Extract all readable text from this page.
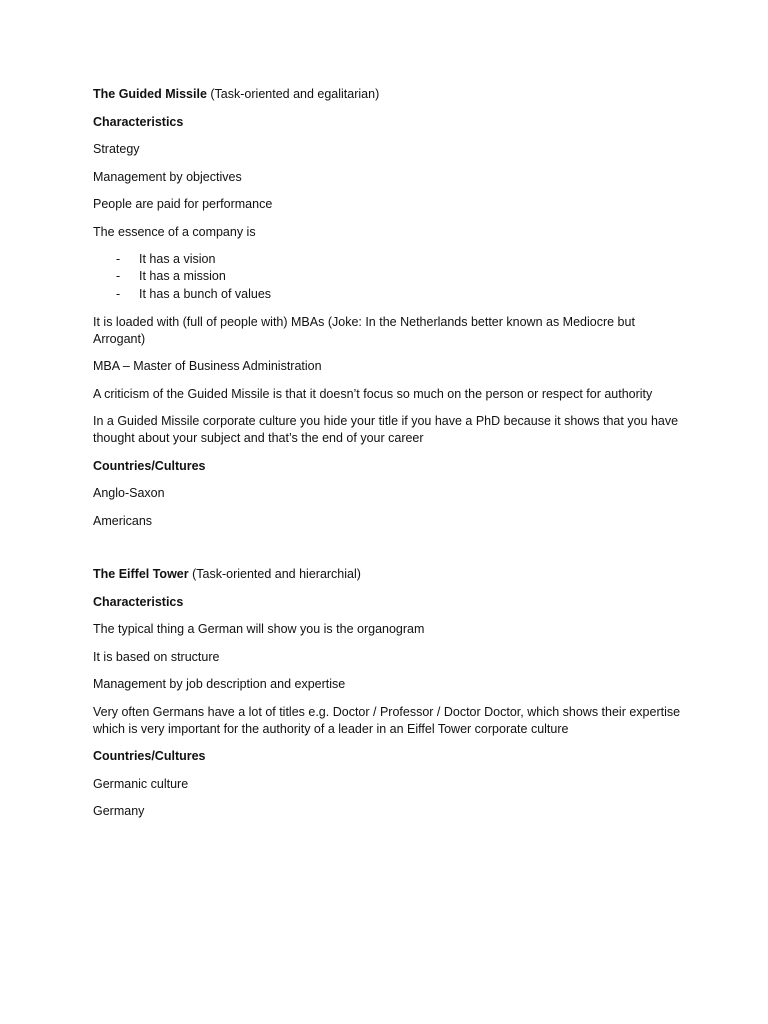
The Guided Missile (Task-oriented and egalitarian)

Characteristics

Strategy

Management by objectives

People are paid for performance

The essence of a company is

- It has a vision
- It has a mission
- It has a bunch of values

It is loaded with (full of people with) MBAs (Joke: In the Netherlands better known as Mediocre but Arrogant)

MBA – Master of Business Administration

A criticism of the Guided Missile is that it doesn’t focus so much on the person or respect for authority

In a Guided Missile corporate culture you hide your title if you have a PhD because it shows that you have thought about your subject and that’s the end of your career

Countries/Cultures

Anglo-Saxon

Americans

The Eiffel Tower (Task-oriented and hierarchial)

Characteristics

The typical thing a German will show you is the organogram

It is based on structure

Management by job description and expertise

Very often Germans have a lot of titles e.g. Doctor / Professor / Doctor Doctor, which shows their expertise which is very important for the authority of a leader in an Eiffel Tower corporate culture

Countries/Cultures

Germanic culture

Germany
